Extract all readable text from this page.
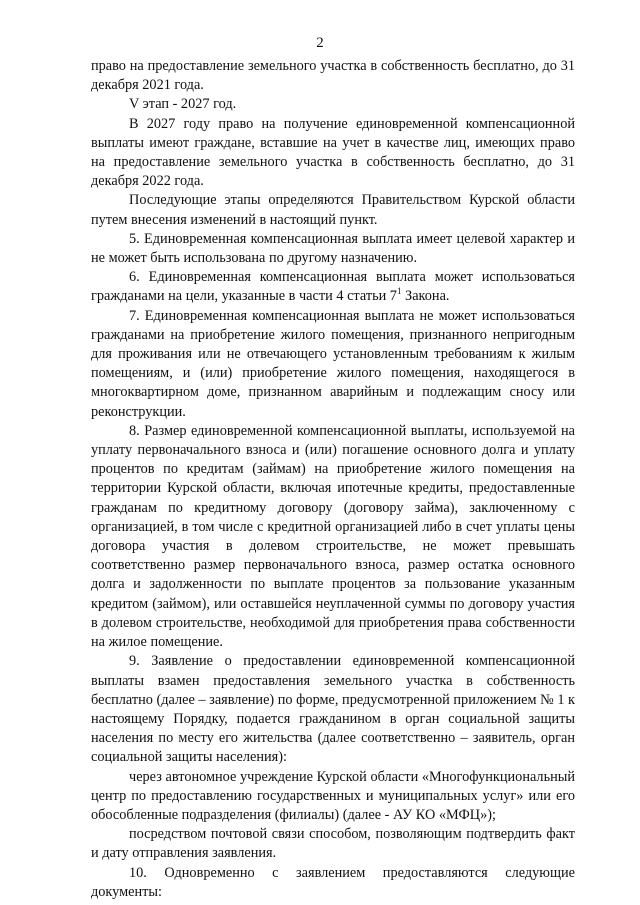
2

право на предоставление земельного участка в собственность бесплатно, до 31 декабря 2021 года.

V этап - 2027 год.

В 2027 году право на получение единовременной компенсационной выплаты имеют граждане, вставшие на учет в качестве лиц, имеющих право на предоставление земельного участка в собственность бесплатно, до 31 декабря 2022 года.

Последующие этапы определяются Правительством Курской области путем внесения изменений в настоящий пункт.

5. Единовременная компенсационная выплата имеет целевой характер и не может быть использована по другому назначению.

6. Единовременная компенсационная выплата может использоваться гражданами на цели, указанные в части 4 статьи $7^1$ Закона.

7. Единовременная компенсационная выплата не может использоваться гражданами на приобретение жилого помещения, признанного непригодным для проживания или не отвечающего установленным требованиям к жилым помещениям, и (или) приобретение жилого помещения, находящегося в многоквартирном доме, признанном аварийным и подлежащим сносу или реконструкции.

8. Размер единовременной компенсационной выплаты, используемой на уплату первоначального взноса и (или) погашение основного долга и уплату процентов по кредитам (займам) на приобретение жилого помещения на территории Курской области, включая ипотечные кредиты, предоставленные гражданам по кредитному договору (договору займа), заключенному с организацией, в том числе с кредитной организацией либо в счет уплаты цены договора участия в долевом строительстве, не может превышать соответственно размер первоначального взноса, размер остатка основного долга и задолженности по выплате процентов за пользование указанным кредитом (займом), или оставшейся неуплаченной суммы по договору участия в долевом строительстве, необходимой для приобретения права собственности на жилое помещение.

9. Заявление о предоставлении единовременной компенсационной выплаты взамен предоставления земельного участка в собственность бесплатно (далее – заявление) по форме, предусмотренной приложением № 1 к настоящему Порядку, подается гражданином в орган социальной защиты населения по месту его жительства (далее соответственно – заявитель, орган социальной защиты населения):

через автономное учреждение Курской области «Многофункциональный центр по предоставлению государственных и муниципальных услуг» или его обособленные подразделения (филиалы) (далее - АУ КО «МФЦ»);

посредством почтовой связи способом, позволяющим подтвердить факт и дату отправления заявления.

10. Одновременно с заявлением предоставляются следующие документы:
